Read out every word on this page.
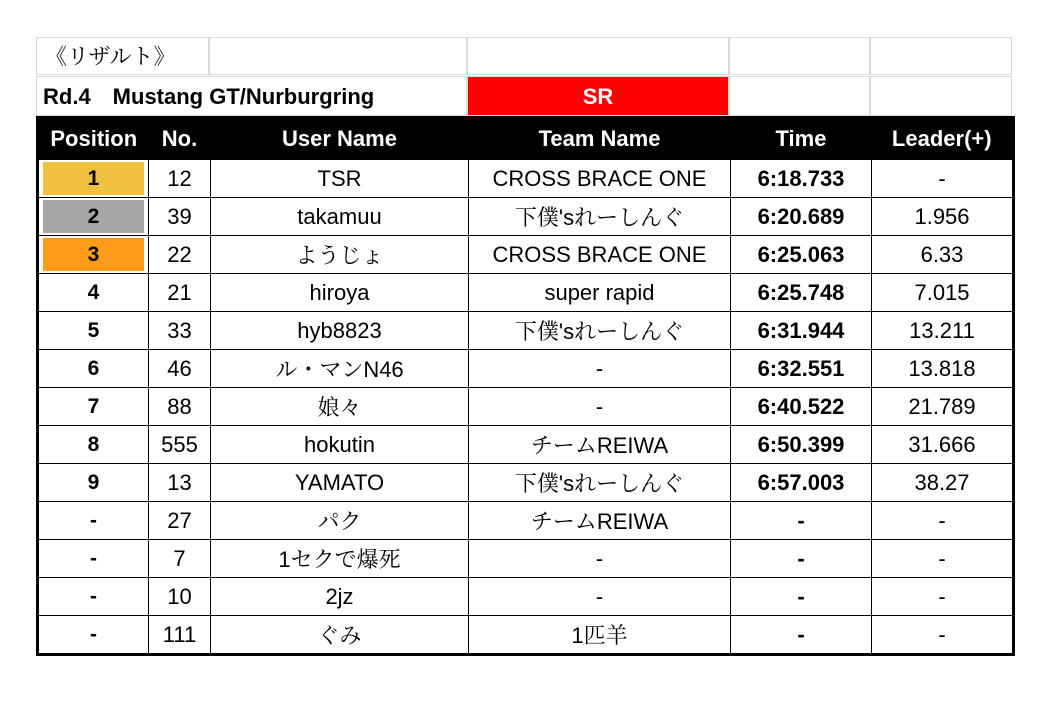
《リザルト》
Rd.4　Mustang GT/Nurburgring	SR
Position	No.	User Name	Team Name	Time	Leader(+)

1	12	TSR	CROSS BRACE ONE	6:18.733	-

2	39	takamuu	下僕'sれーしんぐ	6:20.689	1.956

3	22	ようじょ	CROSS BRACE ONE	6:25.063	6.33

4	21	hiroya	super rapid	6:25.748	7.015

5	33	hyb8823	下僕'sれーしんぐ	6:31.944	13.211

6	46	ル・マンN46	-	6:32.551	13.818

7	88	娘々	-	6:40.522	21.789

8	555	hokutin	チームREIWA	6:50.399	31.666

9	13	YAMATO	下僕'sれーしんぐ	6:57.003	38.27

-	27	パク	チームREIWA	-	-

-	7	1セクで爆死	-	-	-

-	10	2jz	-	-	-

-	111	ぐみ	1匹羊	-	-
